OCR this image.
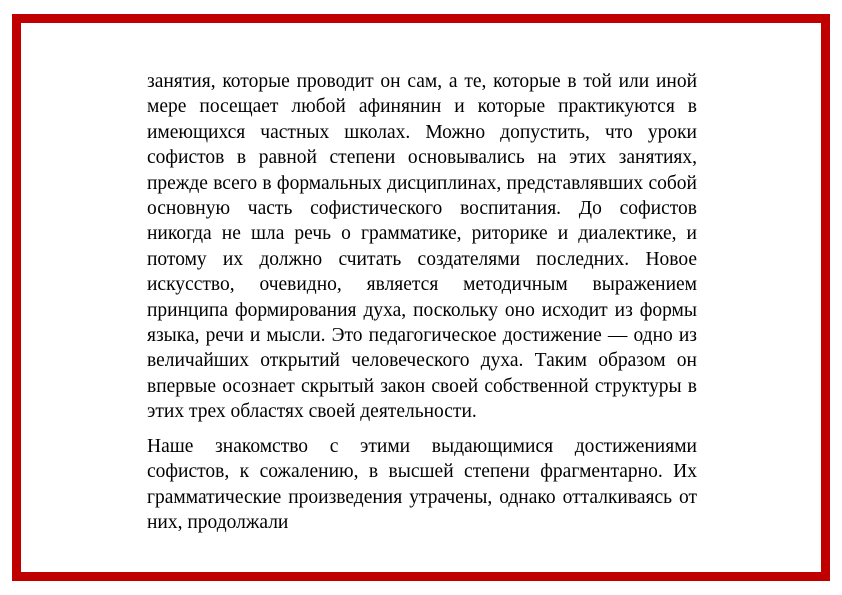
занятия, которые проводит он сам, а те, которые в той или иной мере посещает любой афинянин и которые практикуются в имеющихся частных школах. Можно допустить, что уроки софистов в равной степени основывались на этих занятиях, прежде всего в формальных дисциплинах, представлявших собой основную часть софистического воспитания. До софистов никогда не шла речь о грамматике, риторике и диалектике, и потому их должно считать создателями последних. Новое искусство, очевидно, является методичным выражением принципа формирования духа, поскольку оно исходит из формы языка, речи и мысли. Это педагогическое достижение — одно из величайших открытий человеческого духа. Таким образом он впервые осознает скрытый закон своей собственной структуры в этих трех областях своей деятельности.

Наше знакомство с этими выдающимися достижениями софистов, к сожалению, в высшей степени фрагментарно. Их грамматические произведения утрачены, однако отталкиваясь от них, продолжали
